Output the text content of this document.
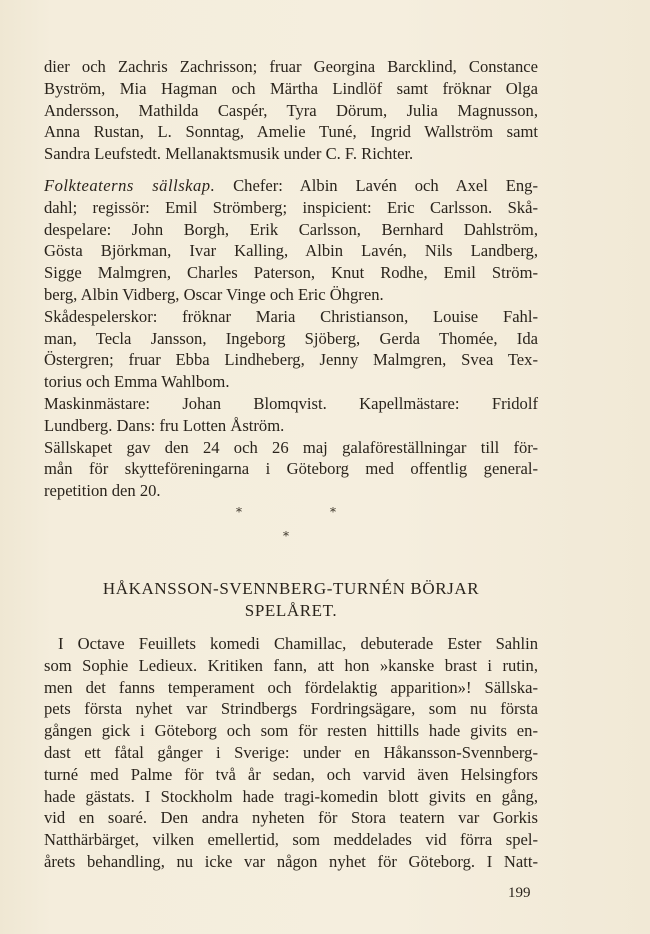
dier och Zachris Zachrisson; fruar Georgina Barcklind, Constance
Byström, Mia Hagman och Märtha Lindlöf samt fröknar Olga
Andersson, Mathilda Caspér, Tyra Dörum, Julia Magnusson,
Anna Rustan, L. Sonntag, Amelie Tuné, Ingrid Wallström samt
Sandra Leufstedt. Mellanaktsmusik under C. F. Richter.
Folkteaterns sällskap. Chefer: Albin Lavén och Axel Eng-
dahl; regissör: Emil Strömberg; inspicient: Eric Carlsson. Skå-
despelare: John Borgh, Erik Carlsson, Bernhard Dahlström,
Gösta Björkman, Ivar Kalling, Albin Lavén, Nils Landberg,
Sigge Malmgren, Charles Paterson, Knut Rodhe, Emil Ström-
berg, Albin Vidberg, Oscar Vinge och Eric Öhgren.
Skådespelerskor: fröknar Maria Christianson, Louise Fahl-
man, Tecla Jansson, Ingeborg Sjöberg, Gerda Thomée, Ida
Östergren; fruar Ebba Lindheberg, Jenny Malmgren, Svea Tex-
torius och Emma Wahlbom.
Maskinmästare: Johan Blomqvist. Kapellmästare: Fridolf
Lundberg. Dans: fru Lotten Åström.
Sällskapet gav den 24 och 26 maj galaföreställningar till för-
mån för skytteföreningarna i Göteborg med offentlig general-
repetition den 20.
*	*
*
HÅKANSSON-SVENNBERG-TURNÉN BÖRJAR
SPELÅRET.
I Octave Feuillets komedi Chamillac, debuterade Ester Sahlin
som Sophie Ledieux. Kritiken fann, att hon »kanske brast i rutin,
men det fanns temperament och fördelaktig apparition»! Sällska-
pets första nyhet var Strindbergs Fordringsägare, som nu första
gången gick i Göteborg och som för resten hittills hade givits en-
dast ett fåtal gånger i Sverige: under en Håkansson-Svennberg-
turné med Palme för två år sedan, och varvid även Helsingfors
hade gästats. I Stockholm hade tragi-komedin blott givits en gång,
vid en soaré. Den andra nyheten för Stora teatern var Gorkis
Natthärbärget, vilken emellertid, som meddelades vid förra spel-
årets behandling, nu icke var någon nyhet för Göteborg. I Natt-
199
